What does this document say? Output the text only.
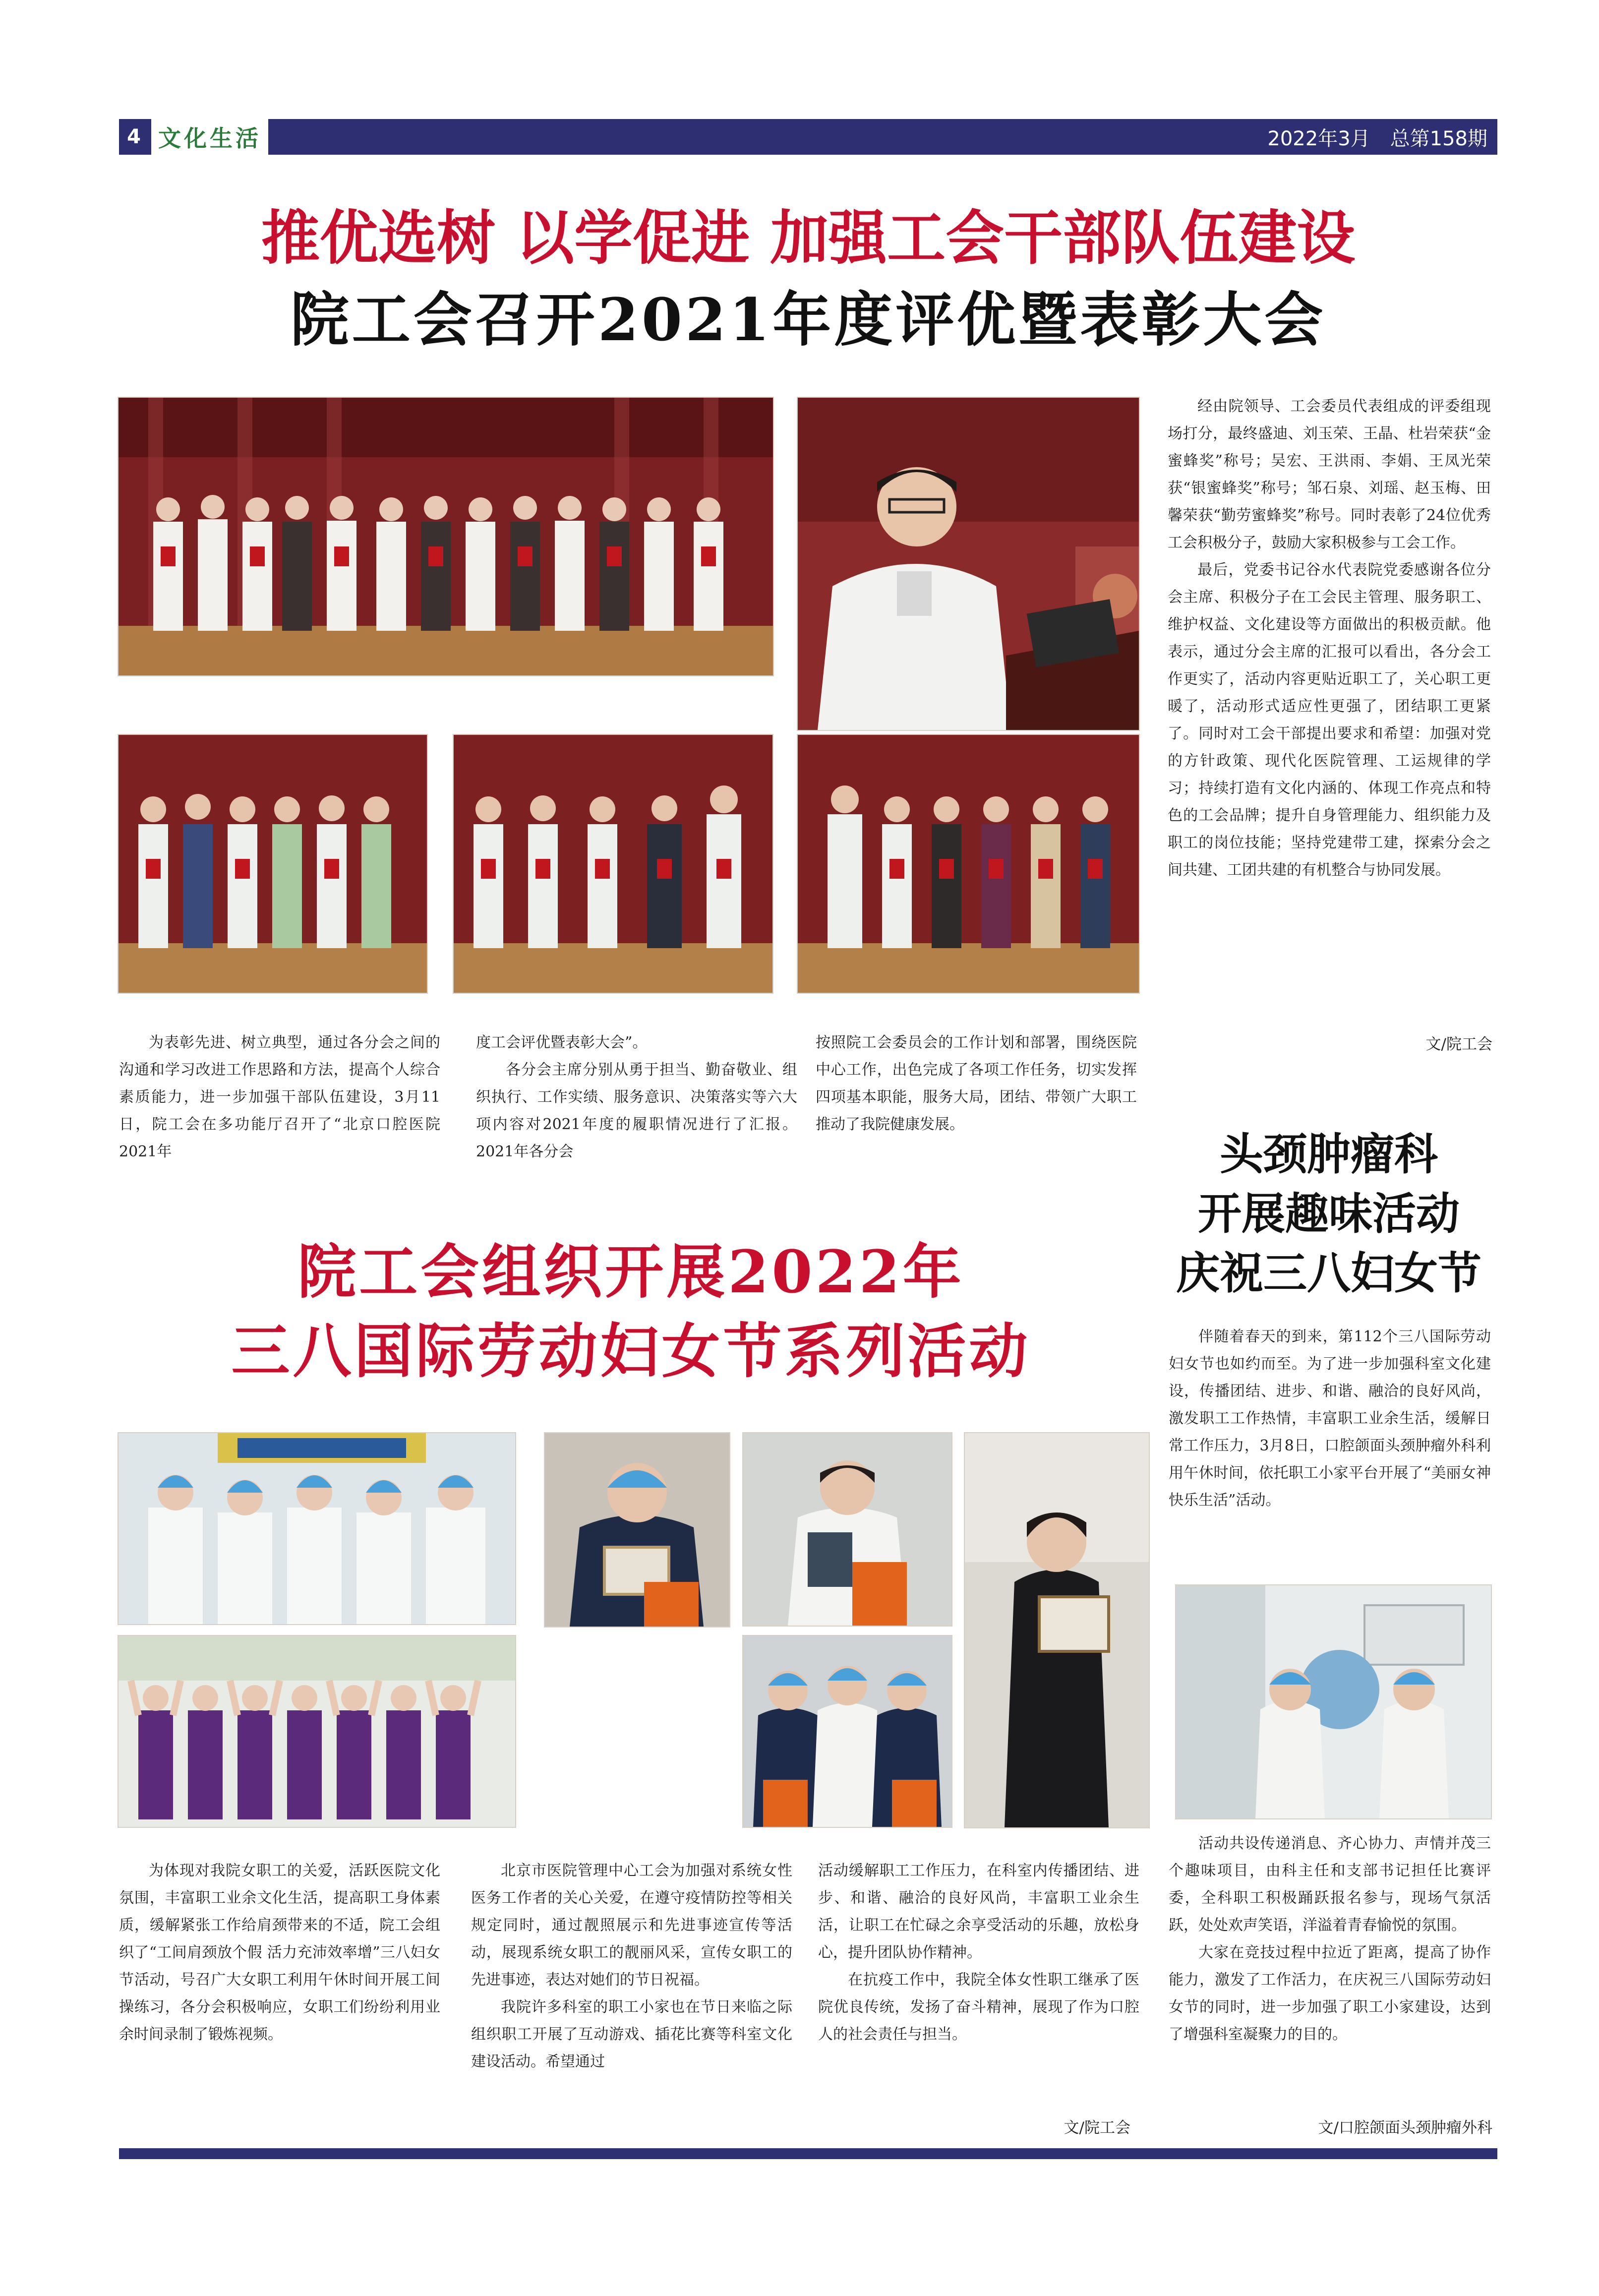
4 文化生活	2022年3月　总第158期
推优选树 以学促进 加强工会干部队伍建设
院工会召开2021年度评优暨表彰大会

经由院领导、工会委员代表组成的评委组现场打分，最终盛迪、刘玉荣、王晶、杜岩荣获“金蜜蜂奖”称号；吴宏、王洪雨、李娟、王凤光荣获“银蜜蜂奖”称号；邹石泉、刘瑶、赵玉梅、田馨荣获“勤劳蜜蜂奖”称号。同时表彰了24位优秀工会积极分子，鼓励大家积极参与工会工作。

最后，党委书记谷水代表院党委感谢各位分会主席、积极分子在工会民主管理、服务职工、维护权益、文化建设等方面做出的积极贡献。他表示，通过分会主席的汇报可以看出，各分会工作更实了，活动内容更贴近职工了，关心职工更暖了，活动形式适应性更强了，团结职工更紧了。同时对工会干部提出要求和希望：加强对党的方针政策、现代化医院管理、工运规律的学习；持续打造有文化内涵的、体现工作亮点和特色的工会品牌；提升自身管理能力、组织能力及职工的岗位技能；坚持党建带工建，探索分会之间共建、工团共建的有机整合与协同发展。

文/院工会

为表彰先进、树立典型，通过各分会之间的沟通和学习改进工作思路和方法，提高个人综合素质能力，进一步加强干部队伍建设，3月11日，院工会在多功能厅召开了“北京口腔医院2021年

度工会评优暨表彰大会”。

各分会主席分别从勇于担当、勤奋敬业、组织执行、工作实绩、服务意识、决策落实等六大项内容对2021年度的履职情况进行了汇报。2021年各分会

按照院工会委员会的工作计划和部署，围绕医院中心工作，出色完成了各项工作任务，切实发挥四项基本职能，服务大局，团结、带领广大职工推动了我院健康发展。

院工会组织开展2022年
三八国际劳动妇女节系列活动

为体现对我院女职工的关爱，活跃医院文化氛围，丰富职工业余文化生活，提高职工身体素质，缓解紧张工作给肩颈带来的不适，院工会组织了“工间肩颈放个假 活力充沛效率增”三八妇女节活动，号召广大女职工利用午休时间开展工间操练习，各分会积极响应，女职工们纷纷利用业余时间录制了锻炼视频。

北京市医院管理中心工会为加强对系统女性医务工作者的关心关爱，在遵守疫情防控等相关规定同时，通过靓照展示和先进事迹宣传等活动，展现系统女职工的靓丽风采，宣传女职工的先进事迹，表达对她们的节日祝福。

我院许多科室的职工小家也在节日来临之际组织职工开展了互动游戏、插花比赛等科室文化建设活动。希望通过

活动缓解职工工作压力，在科室内传播团结、进步、和谐、融洽的良好风尚，丰富职工业余生活，让职工在忙碌之余享受活动的乐趣，放松身心，提升团队协作精神。

在抗疫工作中，我院全体女性职工继承了医院优良传统，发扬了奋斗精神，展现了作为口腔人的社会责任与担当。

文/院工会
头颈肿瘤科
开展趣味活动
庆祝三八妇女节

伴随着春天的到来，第112个三八国际劳动妇女节也如约而至。为了进一步加强科室文化建设，传播团结、进步、和谐、融洽的良好风尚，激发职工工作热情，丰富职工业余生活，缓解日常工作压力，3月8日，口腔颌面头颈肿瘤外科利用午休时间，依托职工小家平台开展了“美丽女神 快乐生活”活动。

活动共设传递消息、齐心协力、声情并茂三个趣味项目，由科主任和支部书记担任比赛评委，全科职工积极踊跃报名参与，现场气氛活跃，处处欢声笑语，洋溢着青春愉悦的氛围。

大家在竞技过程中拉近了距离，提高了协作能力，激发了工作活力，在庆祝三八国际劳动妇女节的同时，进一步加强了职工小家建设，达到了增强科室凝聚力的目的。

文/口腔颌面头颈肿瘤外科
